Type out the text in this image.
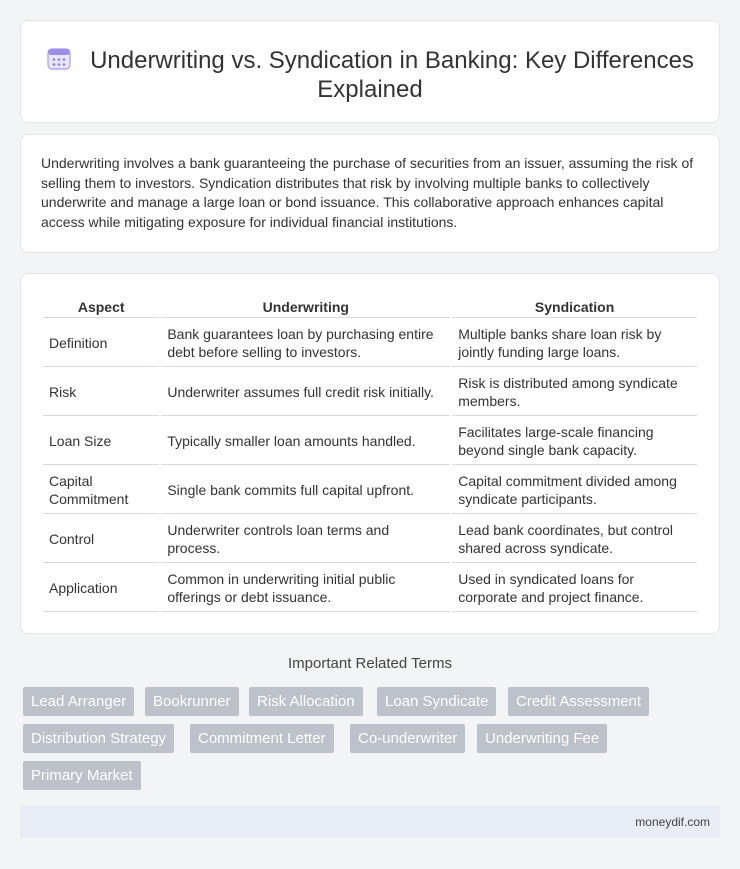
Underwriting vs. Syndication in Banking: Key Differences Explained

Underwriting involves a bank guaranteeing the purchase of securities from an issuer, assuming the risk of selling them to investors. Syndication distributes that risk by involving multiple banks to collectively underwrite and manage a large loan or bond issuance. This collaborative approach enhances capital access while mitigating exposure for individual financial institutions.

Aspect	Underwriting	Syndication
Definition	Bank guarantees loan by purchasing entire debt before selling to investors.	Multiple banks share loan risk by jointly funding large loans.
Risk	Underwriter assumes full credit risk initially.	Risk is distributed among syndicate members.
Loan Size	Typically smaller loan amounts handled.	Facilitates large-scale financing beyond single bank capacity.
Capital Commitment	Single bank commits full capital upfront.	Capital commitment divided among syndicate participants.
Control	Underwriter controls loan terms and process.	Lead bank coordinates, but control shared across syndicate.
Application	Common in underwriting initial public offerings or debt issuance.	Used in syndicated loans for corporate and project finance.
Important Related Terms
Lead Arranger	Bookrunner	Risk Allocation	Loan Syndicate	Credit Assessment
Distribution Strategy	Commitment Letter	Co-underwriter	Underwriting Fee
Primary Market
moneydif.com
